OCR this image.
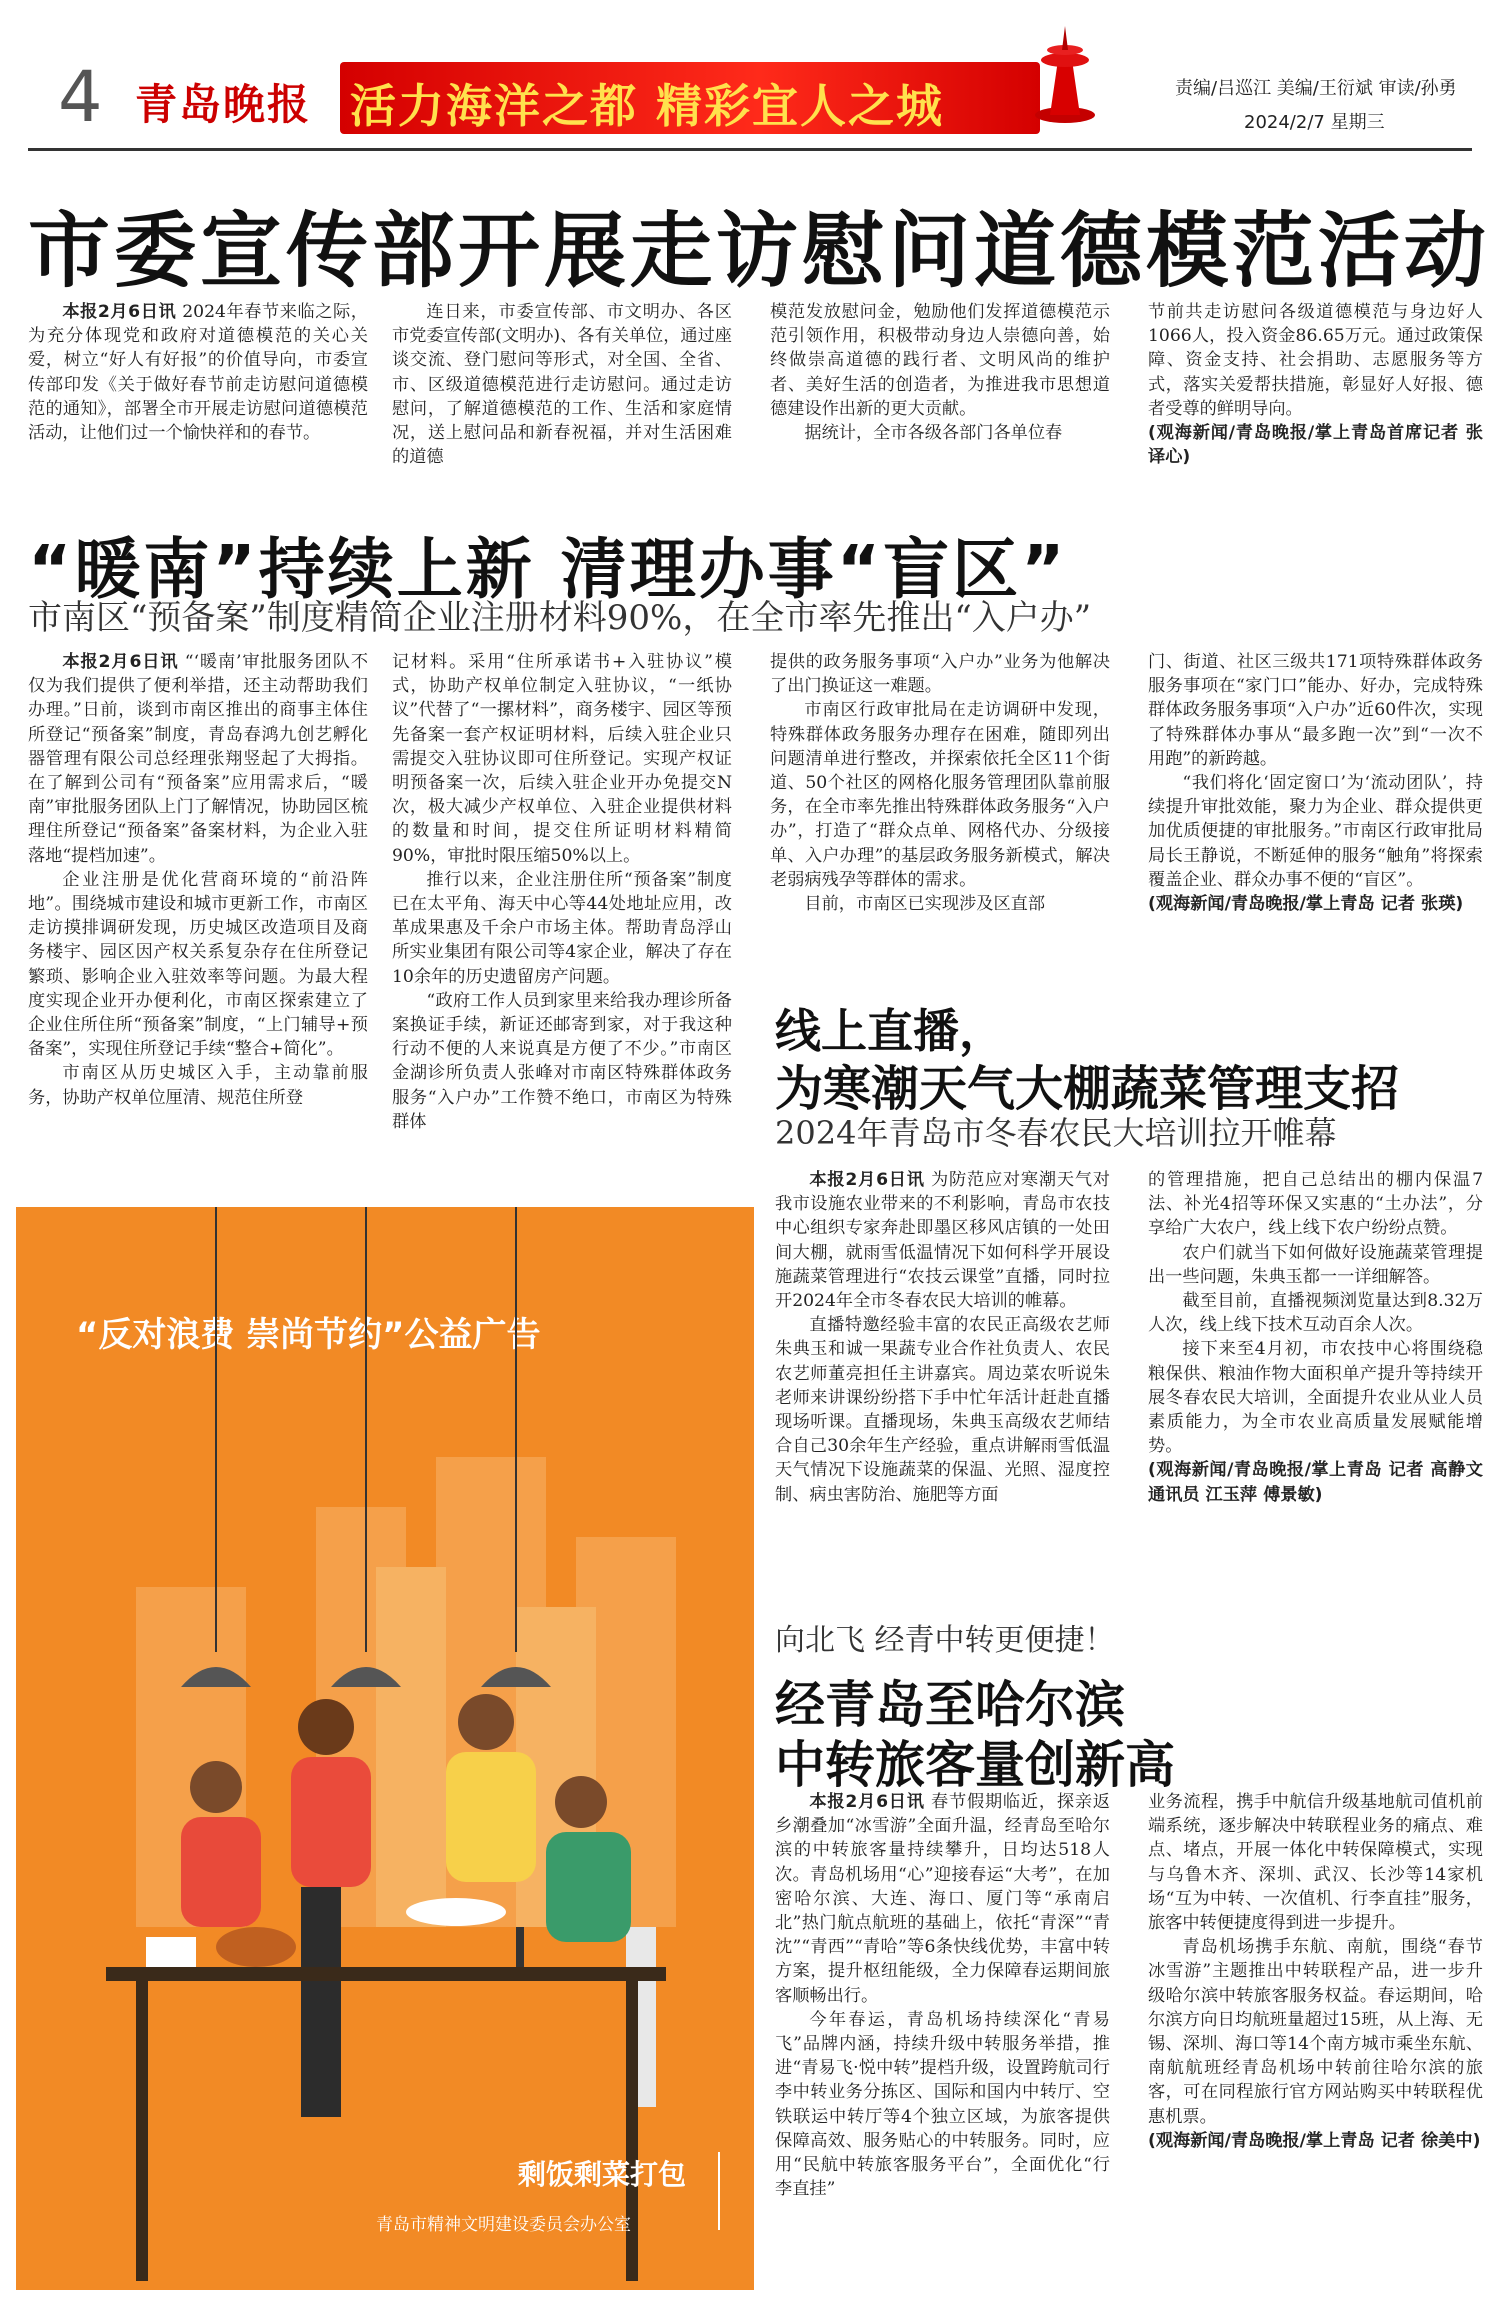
4 青岛晚报 活力海洋之都 精彩宜人之城	责编/吕巡江 美编/王衍斌 审读/孙勇
2024/2/7 星期三
市委宣传部开展走访慰问道德模范活动

本报2月6日讯 2024年春节来临之际，为充分体现党和政府对道德模范的关心关爱，树立“好人有好报”的价值导向，市委宣传部印发《关于做好春节前走访慰问道德模范的通知》，部署全市开展走访慰问道德模范活动，让他们过一个愉快祥和的春节。

连日来，市委宣传部、市文明办、各区市党委宣传部(文明办)、各有关单位，通过座谈交流、登门慰问等形式，对全国、全省、市、区级道德模范进行走访慰问。通过走访慰问，了解道德模范的工作、生活和家庭情况，送上慰问品和新春祝福，并对生活困难的道德

模范发放慰问金，勉励他们发挥道德模范示范引领作用，积极带动身边人崇德向善，始终做崇高道德的践行者、文明风尚的维护者、美好生活的创造者，为推进我市思想道德建设作出新的更大贡献。

据统计，全市各级各部门各单位春

节前共走访慰问各级道德模范与身边好人1066人，投入资金86.65万元。通过政策保障、资金支持、社会捐助、志愿服务等方式，落实关爱帮扶措施，彰显好人好报、德者受尊的鲜明导向。
(观海新闻/青岛晚报/掌上青岛首席记者 张译心)
“暖南”持续上新 清理办事“盲区”
市南区“预备案”制度精简企业注册材料90%，在全市率先推出“入户办”

本报2月6日讯 “‘暖南’审批服务团队不仅为我们提供了便利举措，还主动帮助我们办理。”日前，谈到市南区推出的商事主体住所登记“预备案”制度，青岛春鸿九创艺孵化器管理有限公司总经理张翔竖起了大拇指。在了解到公司有“预备案”应用需求后，“暖南”审批服务团队上门了解情况，协助园区梳理住所登记“预备案”备案材料，为企业入驻落地“提档加速”。

企业注册是优化营商环境的“前沿阵地”。围绕城市建设和城市更新工作，市南区走访摸排调研发现，历史城区改造项目及商务楼宇、园区因产权关系复杂存在住所登记繁琐、影响企业入驻效率等问题。为最大程度实现企业开办便利化，市南区探索建立了企业住所住所“预备案”制度，“上门辅导+预备案”，实现住所登记手续“整合+简化”。

市南区从历史城区入手，主动靠前服务，协助产权单位厘清、规范住所登

记材料。采用“住所承诺书+入驻协议”模式，协助产权单位制定入驻协议，“一纸协议”代替了“一摞材料”，商务楼宇、园区等预先备案一套产权证明材料，后续入驻企业只需提交入驻协议即可住所登记。实现产权证明预备案一次，后续入驻企业开办免提交N次，极大减少产权单位、入驻企业提供材料的数量和时间，提交住所证明材料精简90%，审批时限压缩50%以上。

推行以来，企业注册住所“预备案”制度已在太平角、海天中心等44处地址应用，改革成果惠及千余户市场主体。帮助青岛浮山所实业集团有限公司等4家企业，解决了存在10余年的历史遗留房产问题。

“政府工作人员到家里来给我办理诊所备案换证手续，新证还邮寄到家，对于我这种行动不便的人来说真是方便了不少。”市南区金湖诊所负责人张峰对市南区特殊群体政务服务“入户办”工作赞不绝口，市南区为特殊群体

提供的政务服务事项“入户办”业务为他解决了出门换证这一难题。

市南区行政审批局在走访调研中发现，特殊群体政务服务办理存在困难，随即列出问题清单进行整改，并探索依托全区11个街道、50个社区的网格化服务管理团队靠前服务，在全市率先推出特殊群体政务服务“入户办”，打造了“群众点单、网格代办、分级接单、入户办理”的基层政务服务新模式，解决老弱病残孕等群体的需求。

目前，市南区已实现涉及区直部

门、街道、社区三级共171项特殊群体政务服务事项在“家门口”能办、好办，完成特殊群体政务服务事项“入户办”近60件次，实现了特殊群体办事从“最多跑一次”到“一次不用跑”的新跨越。

“我们将化‘固定窗口’为‘流动团队’，持续提升审批效能，聚力为企业、群众提供更加优质便捷的审批服务。”市南区行政审批局局长王静说，不断延伸的服务“触角”将探索覆盖企业、群众办事不便的“盲区”。

(观海新闻/青岛晚报/掌上青岛 记者 张瑛)
线上直播，
为寒潮天气大棚蔬菜管理支招
2024年青岛市冬春农民大培训拉开帷幕

本报2月6日讯 为防范应对寒潮天气对我市设施农业带来的不利影响，青岛市农技中心组织专家奔赴即墨区移风店镇的一处田间大棚，就雨雪低温情况下如何科学开展设施蔬菜管理进行“农技云课堂”直播，同时拉开2024年全市冬春农民大培训的帷幕。

直播特邀经验丰富的农民正高级农艺师朱典玉和诚一果蔬专业合作社负责人、农民农艺师董亮担任主讲嘉宾。周边菜农听说朱老师来讲课纷纷搭下手中忙年活计赶赴直播现场听课。直播现场，朱典玉高级农艺师结合自己30余年生产经验，重点讲解雨雪低温天气情况下设施蔬菜的保温、光照、湿度控制、病虫害防治、施肥等方面

的管理措施，把自己总结出的棚内保温7法、补光4招等环保又实惠的“土办法”，分享给广大农户，线上线下农户纷纷点赞。

农户们就当下如何做好设施蔬菜管理提出一些问题，朱典玉都一一详细解答。

截至目前，直播视频浏览量达到8.32万人次，线上线下技术互动百余人次。

接下来至4月初，市农技中心将围绕稳粮保供、粮油作物大面积单产提升等持续开展冬春农民大培训，全面提升农业从业人员素质能力，为全市农业高质量发展赋能增势。

(观海新闻/青岛晚报/掌上青岛 记者 高静文 通讯员 江玉萍 傅景敏)
向北飞 经青中转更便捷！
经青岛至哈尔滨
中转旅客量创新高

本报2月6日讯 春节假期临近，探亲返乡潮叠加“冰雪游”全面升温，经青岛至哈尔滨的中转旅客量持续攀升，日均达518人次。青岛机场用“心”迎接春运“大考”，在加密哈尔滨、大连、海口、厦门等“承南启北”热门航点航班的基础上，依托“青深”“青沈”“青西”“青哈”等6条快线优势，丰富中转方案，提升枢纽能级，全力保障春运期间旅客顺畅出行。

今年春运，青岛机场持续深化“青易飞”品牌内涵，持续升级中转服务举措，推进“青易飞·悦中转”提档升级，设置跨航司行李中转业务分拣区、国际和国内中转厅、空铁联运中转厅等4个独立区域，为旅客提供保障高效、服务贴心的中转服务。同时，应用“民航中转旅客服务平台”，全面优化“行李直挂”

业务流程，携手中航信升级基地航司值机前端系统，逐步解决中转联程业务的痛点、难点、堵点，开展一体化中转保障模式，实现与乌鲁木齐、深圳、武汉、长沙等14家机场“互为中转、一次值机、行李直挂”服务，旅客中转便捷度得到进一步提升。

青岛机场携手东航、南航，围绕“春节冰雪游”主题推出中转联程产品，进一步升级哈尔滨中转旅客服务权益。春运期间，哈尔滨方向日均航班量超过15班，从上海、无锡、深圳、海口等14个南方城市乘坐东航、南航航班经青岛机场中转前往哈尔滨的旅客，可在同程旅行官方网站购买中转联程优惠机票。

(观海新闻/青岛晚报/掌上青岛 记者 徐美中)
“反对浪费 崇尚节约”公益广告
剩饭剩菜打包
青岛市精神文明建设委员会办公室
